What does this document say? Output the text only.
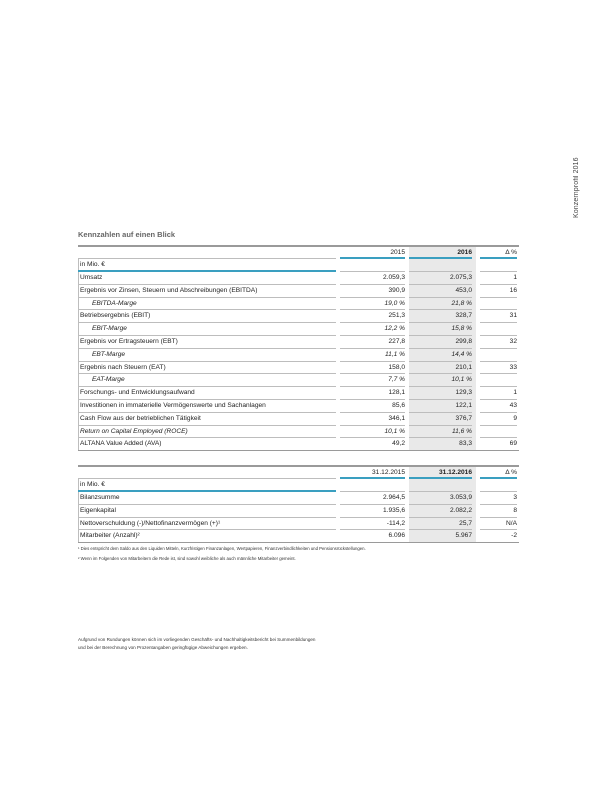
Konzernprofil 2016
Kennzahlen auf einen Blick
2015	2016	Δ %
in Mio. €
Umsatz	2.059,3	2.075,3	1
Ergebnis vor Zinsen, Steuern und Abschreibungen (EBITDA)	390,9	453,0	16
EBITDA-Marge	19,0 %	21,8 %
Betriebsergebnis (EBIT)	251,3	328,7	31
EBIT-Marge	12,2 %	15,8 %
Ergebnis vor Ertragsteuern (EBT)	227,8	299,8	32
EBT-Marge	11,1 %	14,4 %
Ergebnis nach Steuern (EAT)	158,0	210,1	33
EAT-Marge	7,7 %	10,1 %
Forschungs- und Entwicklungsaufwand	128,1	129,3	1
Investitionen in immaterielle Vermögenswerte und Sachanlagen	85,6	122,1	43
Cash Flow aus der betrieblichen Tätigkeit	346,1	376,7	9
Return on Capital Employed (ROCE)	10,1 %	11,6 %
ALTANA Value Added (AVA)	49,2	83,3	69
31.12.2015	31.12.2016	Δ %
in Mio. €
Bilanzsumme	2.964,5	3.053,9	3
Eigenkapital	1.935,6	2.082,2	8
Nettoverschuldung (-)/Nettofinanzvermögen (+)¹	-114,2	25,7	N/A
Mitarbeiter (Anzahl)²	6.096	5.967	-2
¹ Dies entspricht dem Saldo aus den Liquiden Mitteln, Kurzfristigen Finanzanlagen, Wertpapieren, Finanzverbindlichkeiten und Pensionsrückstellungen.
² Wenn im Folgenden von Mitarbeitern die Rede ist, sind sowohl weibliche als auch männliche Mitarbeiter gemeint.
Aufgrund von Rundungen können sich im vorliegenden Geschäfts- und Nachhaltigkeitsbericht bei Summenbildungen
und bei der Berechnung von Prozentangaben geringfügige Abweichungen ergeben.
